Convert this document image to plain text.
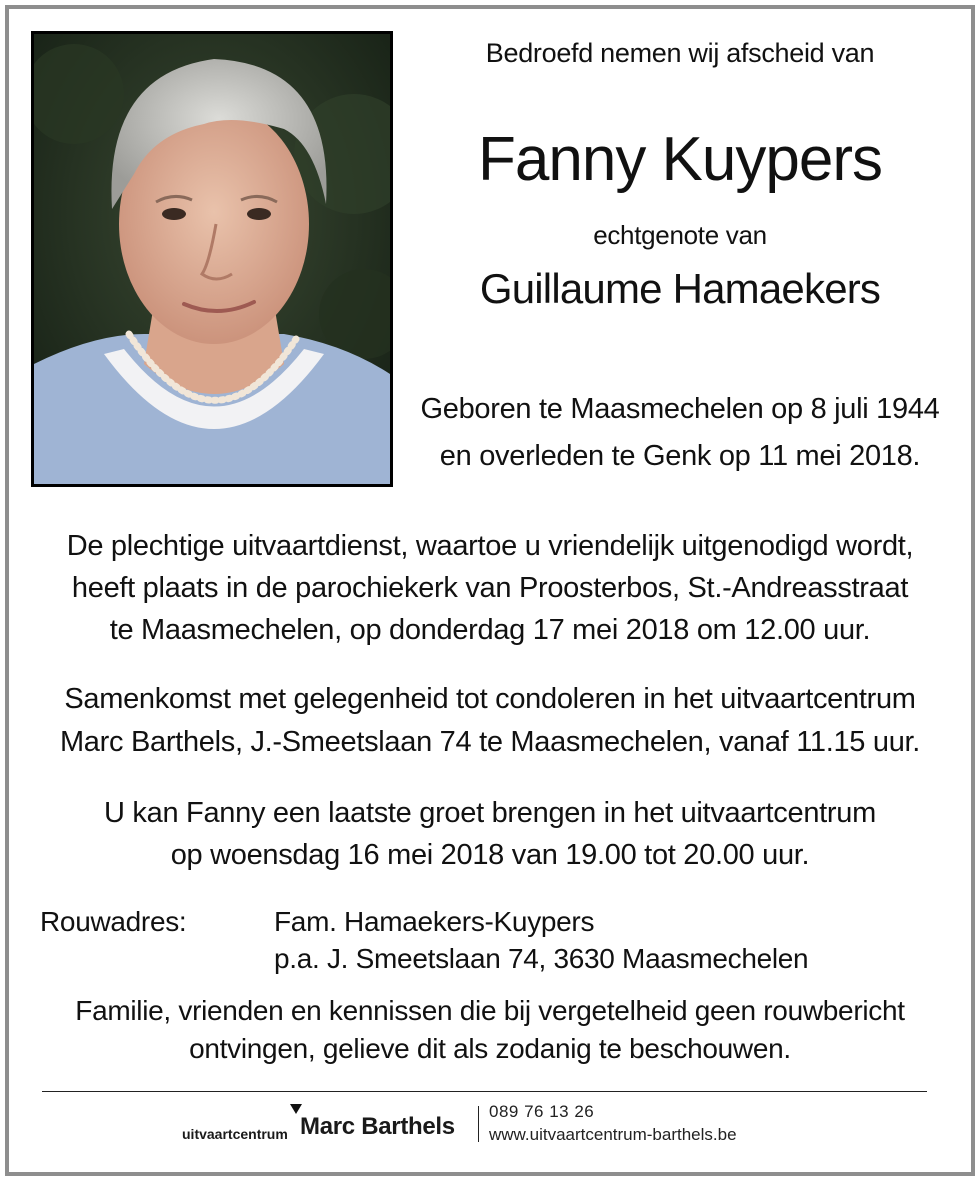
Bedroefd nemen wij afscheid van
Fanny Kuypers
echtgenote van
Guillaume Hamaekers
Geboren te Maasmechelen op 8 juli 1944
en overleden te Genk op 11 mei 2018.
De plechtige uitvaartdienst, waartoe u vriendelijk uitgenodigd wordt,
heeft plaats in de parochiekerk van Proosterbos, St.-Andreasstraat
te Maasmechelen, op donderdag 17 mei 2018 om 12.00 uur.
Samenkomst met gelegenheid tot condoleren in het uitvaartcentrum
Marc Barthels, J.-Smeetslaan 74 te Maasmechelen, vanaf 11.15 uur.
U kan Fanny een laatste groet brengen in het uitvaartcentrum
op woensdag 16 mei 2018 van 19.00 tot 20.00 uur.
Rouwadres:	Fam. Hamaekers-Kuypers
p.a. J. Smeetslaan 74, 3630 Maasmechelen
Familie, vrienden en kennissen die bij vergetelheid geen rouwbericht
ontvingen, gelieve dit als zodanig te beschouwen.
uitvaartcentrum Marc Barthels
089 76 13 26
www.uitvaartcentrum-barthels.be
